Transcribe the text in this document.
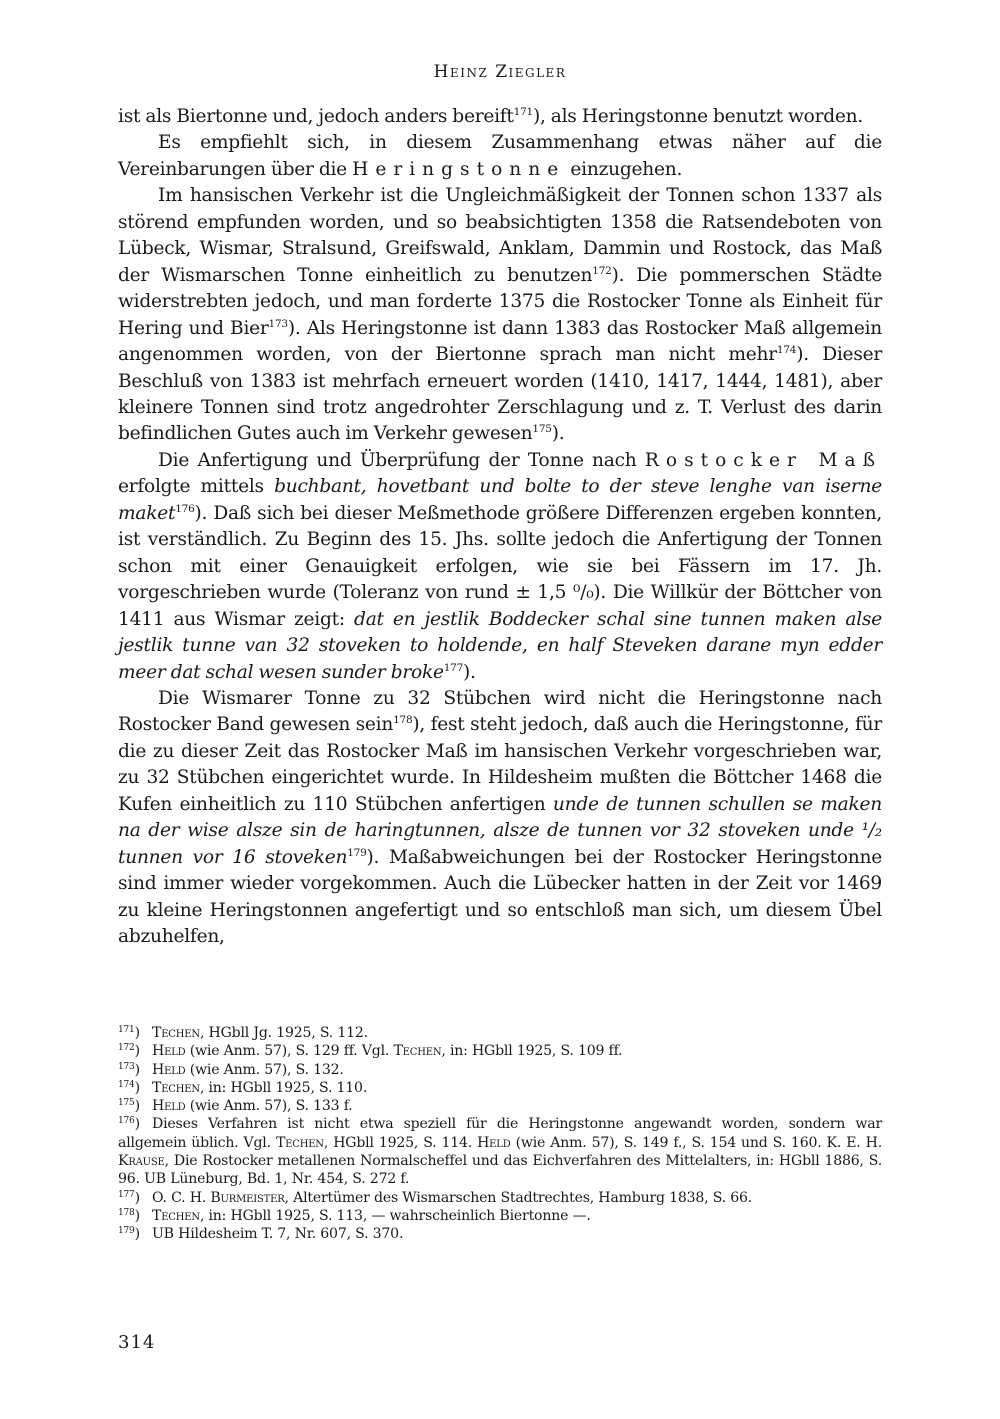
Heinz Ziegler

ist als Biertonne und, jedoch anders bereift$^{171}$), als Heringstonne benutzt worden.

Es empfiehlt sich, in diesem Zusammenhang etwas näher auf die Vereinbarungen über die Heringstonne einzugehen.

Im hansischen Verkehr ist die Ungleichmäßigkeit der Tonnen schon 1337 als störend empfunden worden, und so beabsichtigten 1358 die Ratsendeboten von Lübeck, Wismar, Stralsund, Greifswald, Anklam, Dammin und Rostock, das Maß der Wismarschen Tonne einheitlich zu benutzen$^{172}$). Die pommerschen Städte widerstrebten jedoch, und man forderte 1375 die Rostocker Tonne als Einheit für Hering und Bier$^{173}$). Als Heringstonne ist dann 1383 das Rostocker Maß allgemein angenommen worden, von der Biertonne sprach man nicht mehr$^{174}$). Dieser Beschluß von 1383 ist mehrfach erneuert worden (1410, 1417, 1444, 1481), aber kleinere Tonnen sind trotz angedrohter Zerschlagung und z. T. Verlust des darin befindlichen Gutes auch im Verkehr gewesen$^{175}$).

Die Anfertigung und Überprüfung der Tonne nach Rostocker Maß erfolgte mittels buchbant, hovetbant und bolte to der steve lenghe van iserne maket$^{176}$). Daß sich bei dieser Meßmethode größere Differenzen ergeben konnten, ist verständlich. Zu Beginn des 15. Jhs. sollte jedoch die Anfertigung der Tonnen schon mit einer Genauigkeit erfolgen, wie sie bei Fässern im 17. Jh. vorgeschrieben wurde (Toleranz von rund ± 1,5 ⁰/₀). Die Willkür der Böttcher von 1411 aus Wismar zeigt: dat en jestlik Boddecker schal sine tunnen maken alse jestlik tunne van 32 stoveken to holdende, en half Steveken darane myn edder meer dat schal wesen sunder broke$^{177}$).

Die Wismarer Tonne zu 32 Stübchen wird nicht die Heringstonne nach Rostocker Band gewesen sein$^{178}$), fest steht jedoch, daß auch die Heringstonne, für die zu dieser Zeit das Rostocker Maß im hansischen Verkehr vorgeschrieben war, zu 32 Stübchen eingerichtet wurde. In Hildesheim mußten die Böttcher 1468 die Kufen einheitlich zu 110 Stübchen anfertigen unde de tunnen schullen se maken na der wise alsze sin de haringtunnen, alsze de tunnen vor 32 stoveken unde ¹/₂ tunnen vor 16 stoveken$^{179}$). Maßabweichungen bei der Rostocker Heringstonne sind immer wieder vorgekommen. Auch die Lübecker hatten in der Zeit vor 1469 zu kleine Heringstonnen angefertigt und so entschloß man sich, um diesem Übel abzuhelfen,

$^{171}$) Techen, HGbll Jg. 1925, S. 112.

$^{172}$) Held (wie Anm. 57), S. 129 ff. Vgl. Techen, in: HGbll 1925, S. 109 ff.

$^{173}$) Held (wie Anm. 57), S. 132.

$^{174}$) Techen, in: HGbll 1925, S. 110.

$^{175}$) Held (wie Anm. 57), S. 133 f.

$^{176}$) Dieses Verfahren ist nicht etwa speziell für die Heringstonne angewandt worden, sondern war allgemein üblich. Vgl. Techen, HGbll 1925, S. 114. Held (wie Anm. 57), S. 149 f., S. 154 und S. 160. K. E. H. Krause, Die Rostocker metallenen Normalscheffel und das Eichverfahren des Mittelalters, in: HGbll 1886, S. 96. UB Lüneburg, Bd. 1, Nr. 454, S. 272 f.

$^{177}$) O. C. H. Burmeister, Altertümer des Wismarschen Stadtrechtes, Hamburg 1838, S. 66.

$^{178}$) Techen, in: HGbll 1925, S. 113, — wahrscheinlich Biertonne —.

$^{179}$) UB Hildesheim T. 7, Nr. 607, S. 370.

314
